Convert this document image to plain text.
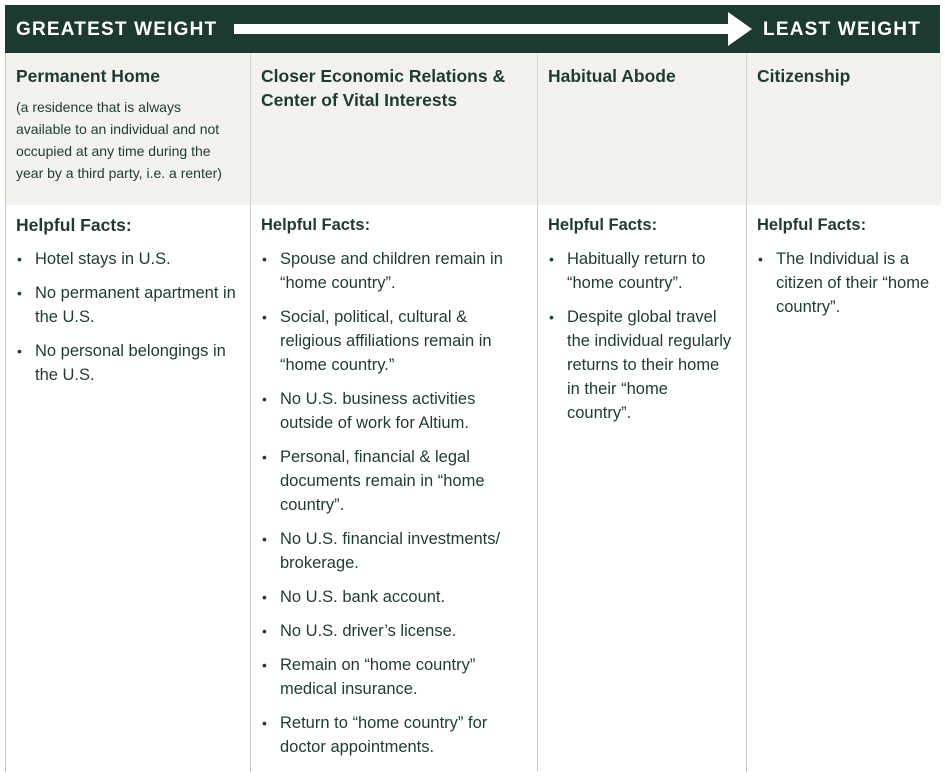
GREATEST WEIGHT	LEAST WEIGHT
Permanent Home
(a residence that is always available to an individual and not occupied at any time during the year by a third party, i.e. a renter)
Closer Economic Relations & Center of Vital Interests
Habitual Abode	Citizenship
Helpful Facts:
• Hotel stays in U.S.
• No permanent apartment in the U.S.
• No personal belongings in the U.S.
Helpful Facts:
• Spouse and children remain in “home country”.
• Social, political, cultural & religious affiliations remain in “home country.”
• No U.S. business activities outside of work for Altium.
• Personal, financial & legal documents remain in “home country”.
• No U.S. financial investments/ brokerage.
• No U.S. bank account.
• No U.S. driver’s license.
• Remain on “home country” medical insurance.
• Return to “home country” for doctor appointments.
Helpful Facts:
• Habitually return to “home country”.
• Despite global travel the individual regularly returns to their home in their “home country”.
Helpful Facts:
• The Individual is a citizen of their “home country”.
